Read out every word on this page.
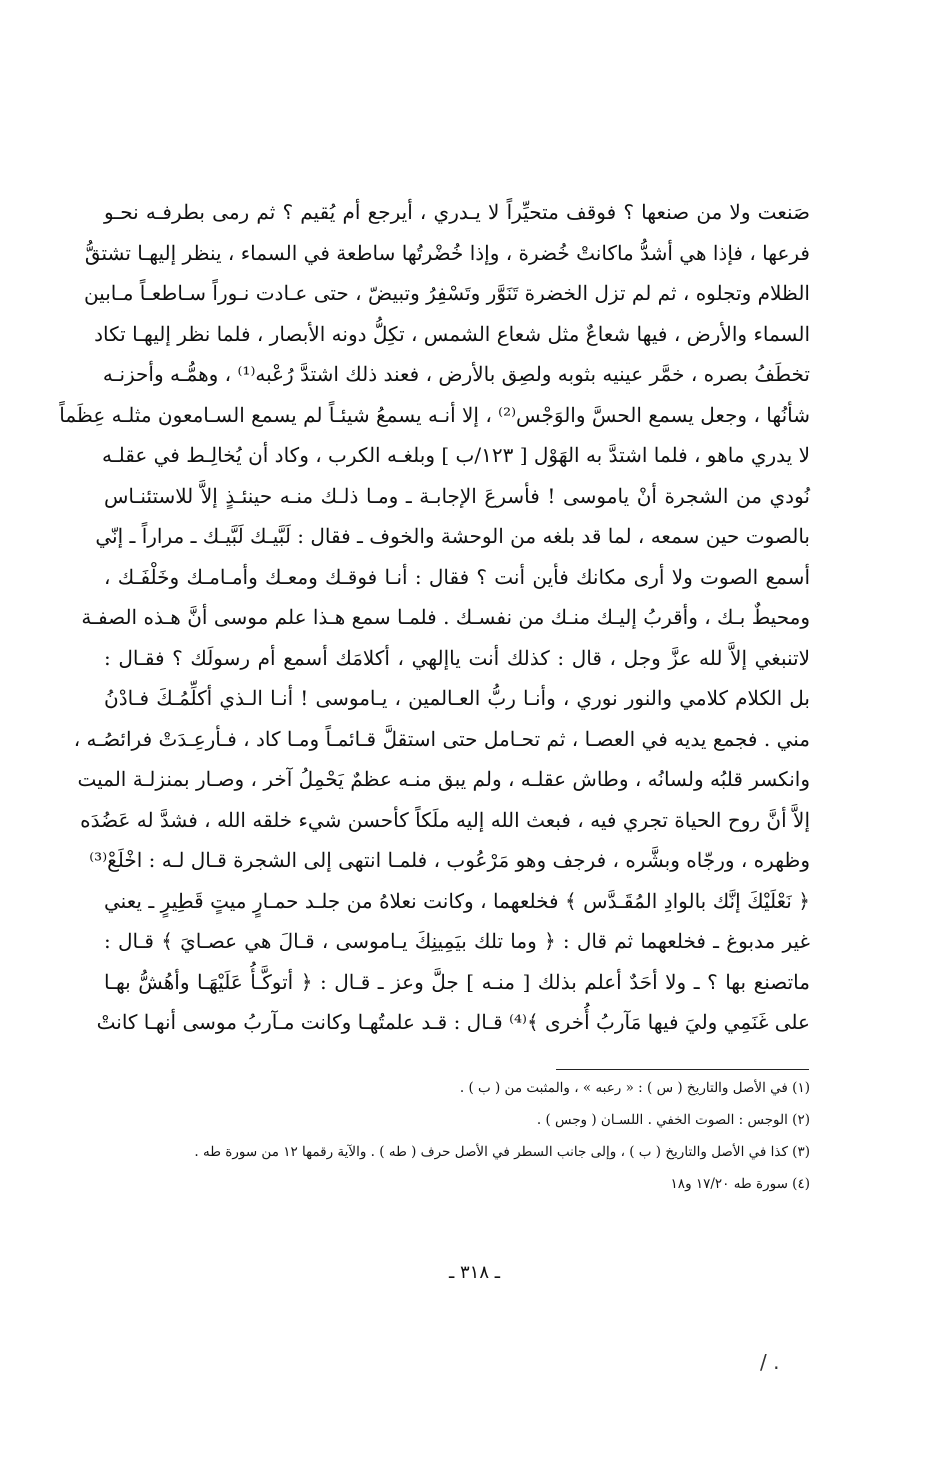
صَنعت ولا من صنعها ؟ فوقف متحيِّراً لا يـدري ، أيرجع أم يُقيم ؟ ثم رمى بطرفـه نحـو
فرعها ، فإذا هي أشدُّ ماكانتْ خُضرة ، وإذا خُضْرتُها ساطعة في السماء ، ينظر إليهـا تشتقُّ
الظلام وتجلوه ، ثم لم تزل الخضرة تَنَوَّر وتَسْفِرُ وتبيضّ ، حتى عـادت نـوراً سـاطعـاً مـابين
السماء والأرض ، فيها شعاعٌ مثل شعاع الشمس ، تكِلُّ دونه الأبصار ، فلما نظر إليهـا تكاد
تخطَفُ بصره ، خمَّر عينيه بثوبه ولصِق بالأرض ، فعند ذلك اشتدَّ رُعْبه⁽¹⁾ ، وهمُّـه وأحزنـه
شأنُها ، وجعل يسمع الحسَّ والوَجْس⁽²⁾ ، إلا أنـه يسمعُ شيئـاً لم يسمع السـامعون مثلـه عِظَماً
لا يدري ماهو ، فلما اشتدَّ به الهَوْل [ ١٢٣/ب ] وبلغـه الكرب ، وكاد أن يُخالِـط في عقلـه
نُودي من الشجرة أنْ ياموسى ! فأسرعَ الإجابـة ـ ومـا ذلـك منـه حينئـذٍ إلاَّ للاستئنـاس
بالصوت حين سمعه ، لما قد بلغه من الوحشة والخوف ـ فقال : لَبَّيـك لَبَّيـك ـ مراراً ـ إنّي
أسمع الصوت ولا أرى مكانك فأين أنت ؟ فقال : أنـا فوقـك ومعـك وأمـامـك وخَلْفَـك ،
ومحيطٌ بـك ، وأقربُ إليـك منـك من نفسـك . فلمـا سمع هـذا علم موسى أنَّ هـذه الصفـة
لاتنبغي إلاَّ لله عزَّ وجل ، قال : كذلك أنت ياإلهي ، أكلامَك أسمع أم رسولَك ؟ فقـال :
بل الكلام كلامي والنور نوري ، وأنـا ربُّ العـالمين ، يـاموسى ! أنـا الـذي أكلِّمُـكَ فـادْنُ
مني . فجمع يديه في العصـا ، ثم تحـامل حتى استقلَّ قـائمـاً ومـا كاد ، فـأرعِـدَتْ فرائصُـه ،
وانكسر قلبُه ولسانُه ، وطاش عقلـه ، ولم يبق منـه عظمٌ يَحْمِلُ آخر ، وصـار بمنزلـة الميت
إلاَّ أنَّ روح الحياة تجري فيه ، فبعث الله إليه ملَكاً كأحسن شيء خلقه الله ، فشدَّ له عَضُدَه
وظهره ، ورجّاه وبشَّره ، فرجف وهو مَرْعُوب ، فلمـا انتهى إلى الشجرة قـال لـه : اخْلَعْ⁽³⁾
﴿ نَعْلَيْكَ إنَّك بالوادِ المُقَـدَّس ﴾ فخلعهما ، وكانت نعلاهُ من جلـد حمـارٍ ميتٍ قَطِيرٍ ـ يعني
غير مدبوغ ـ فخلعهما ثم قال : ﴿ وما تلك بيَمِينِكَ يـاموسى ، قـالَ هي عصـايَ ﴾ قـال :
ماتصنع بها ؟ ـ ولا أحَدٌ أعلم بذلك [ منـه ] جلَّ وعز ـ قـال : ﴿ أتوكَّـأُ عَلَيْهَـا وأهُشُّ بهـا
على غَنَمِي وليَ فيها مَآربُ أُخرى ﴾⁽⁴⁾ قـال : قـد علمتُهـا وكانت مـآربُ موسى أنهـا كانتْ
(١) في الأصل والتاريخ ( س ) : « رعبه » ، والمثبت من ( ب ) .
(٢) الوجس : الصوت الخفي . اللسـان ( وجس ) .
(٣) كذا في الأصل والتاريخ ( ب ) ، وإلى جانب السطر في الأصل حرف ( طه ) . والآية رقمها ١٢ من سورة طه .
(٤) سورة طه ١٧/٢٠ و١٨
ـ ٣١٨ ـ
/ .
